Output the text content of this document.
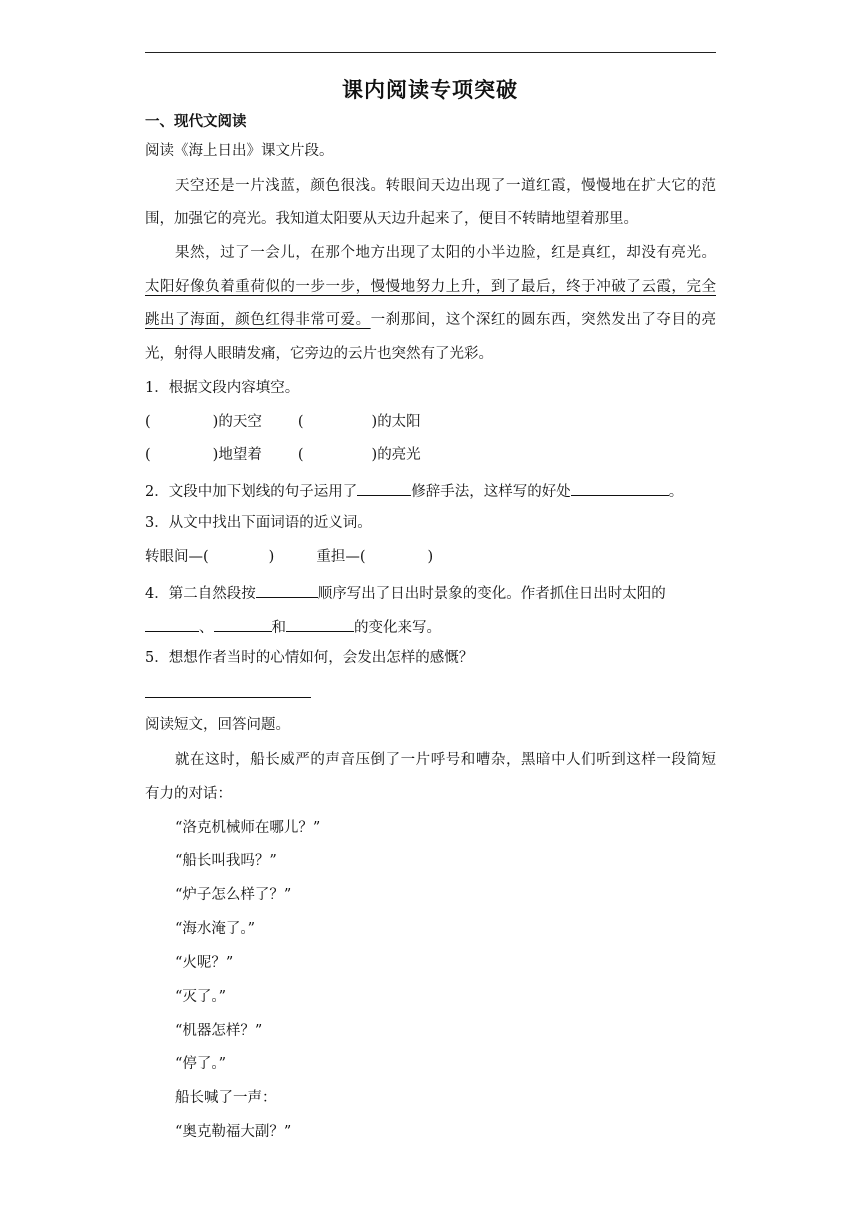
课内阅读专项突破
一、现代文阅读
阅读《海上日出》课文片段。
天空还是一片浅蓝，颜色很浅。转眼间天边出现了一道红霞，慢慢地在扩大它的范
围，加强它的亮光。我知道太阳要从天边升起来了，便目不转睛地望着那里。
果然，过了一会儿，在那个地方出现了太阳的小半边脸，红是真红，却没有亮光。
太阳好像负着重荷似的一步一步，慢慢地努力上升，到了最后，终于冲破了云霞，完全
跳出了海面，颜色红得非常可爱。一刹那间，这个深红的圆东西，突然发出了夺目的亮
光，射得人眼睛发痛，它旁边的云片也突然有了光彩。
1．根据文段内容填空。
(	)的天空 (	)的太阳
(	)地望着 (	)的亮光
2．文段中加下划线的句子运用了	修辞手法，这样写的好处	。
3．从文中找出下面词语的近义词。
转眼间—(	)	重担—(	)
4．第二自然段按	顺序写出了日出时景象的变化。作者抓住日出时太阳的
、	和	的变化来写。
5．想想作者当时的心情如何，会发出怎样的感慨？
阅读短文，回答问题。
就在这时，船长威严的声音压倒了一片呼号和嘈杂，黑暗中人们听到这样一段简短
有力的对话：
“洛克机械师在哪儿？”
“船长叫我吗？”
“炉子怎么样了？”
“海水淹了。”
“火呢？”
“灭了。”
“机器怎样？”
“停了。”
船长喊了一声：
“奥克勒福大副？”
